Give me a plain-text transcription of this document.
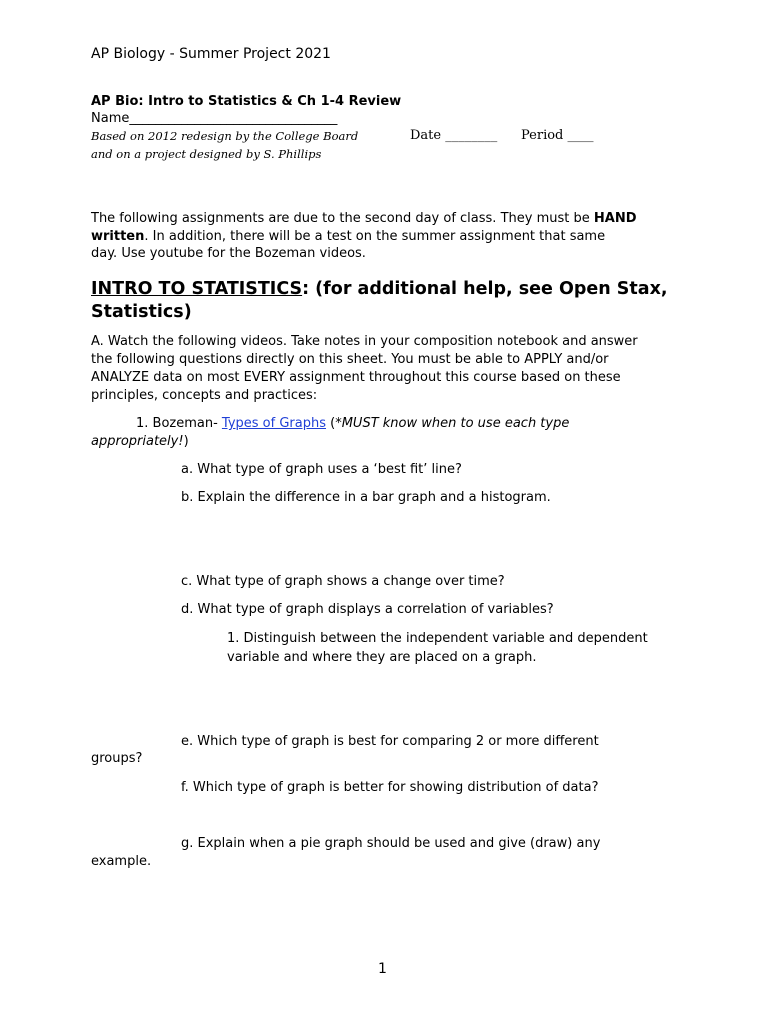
AP Biology - Summer Project 2021
AP Bio: Intro to Statistics & Ch 1-4 Review
Name________________________________
Based on 2012 redesign by the College Board	Date ________ Period ____
and on a project designed by S. Phillips
The following assignments are due to the second day of class. They must be HAND
written. In addition, there will be a test on the summer assignment that same
day. Use youtube for the Bozeman videos.
INTRO TO STATISTICS: (for additional help, see Open Stax,
Statistics)
A. Watch the following videos. Take notes in your composition notebook and answer
the following questions directly on this sheet. You must be able to APPLY and/or
ANALYZE data on most EVERY assignment throughout this course based on these
principles, concepts and practices:
1. Bozeman- Types of Graphs (*MUST know when to use each type
appropriately!)
a. What type of graph uses a ‘best fit’ line?
b. Explain the difference in a bar graph and a histogram.
c. What type of graph shows a change over time?
d. What type of graph displays a correlation of variables?
1. Distinguish between the independent variable and dependent
variable and where they are placed on a graph.
e. Which type of graph is best for comparing 2 or more different
groups?
f. Which type of graph is better for showing distribution of data?
g. Explain when a pie graph should be used and give (draw) any
example.
1
